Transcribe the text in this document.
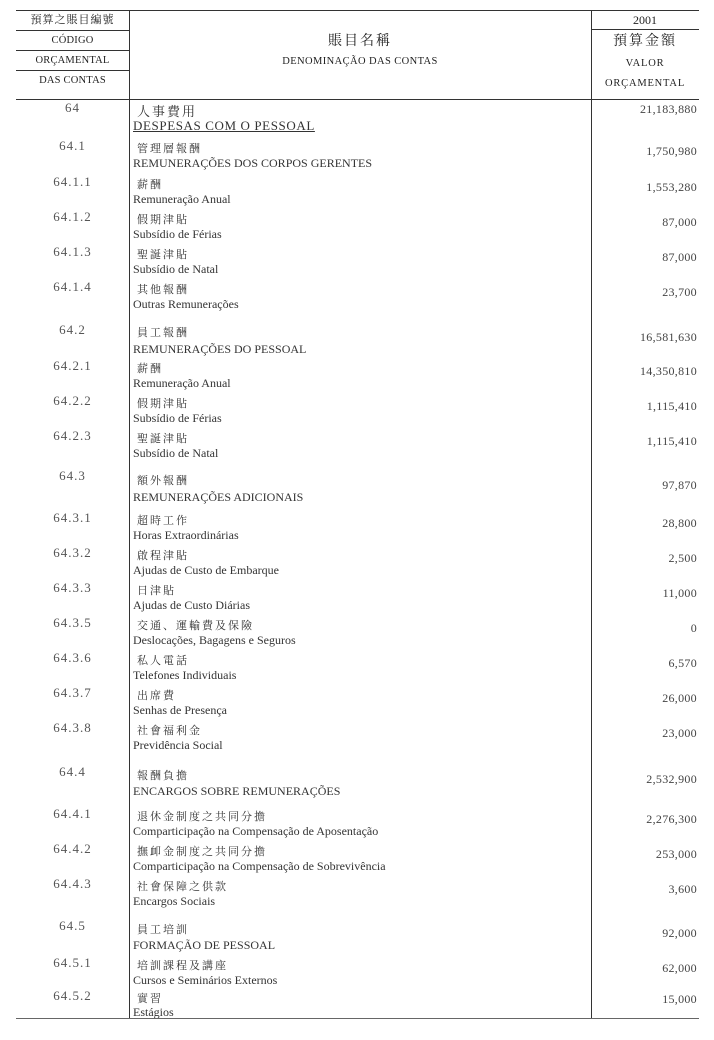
預算之賬目編號
CÓDIGO
ORÇAMENTAL
DAS CONTAS
賬目名稱
DENOMINAÇÃO DAS CONTAS
2001
預算金額
VALOR
ORÇAMENTAL
64	人事費用
DESPESAS COM O PESSOAL
21,183,880
64.1	管理層報酬
REMUNERAÇÕES DOS CORPOS GERENTES
1,750,980
64.1.1	薪酬
Remuneração Anual
1,553,280
64.1.2	假期津貼
Subsídio de Férias
87,000
64.1.3	聖誕津貼
Subsídio de Natal
87,000
64.1.4	其他報酬
Outras Remunerações
23,700
64.2	員工報酬
REMUNERAÇÕES DO PESSOAL
16,581,630
64.2.1	薪酬
Remuneração Anual
14,350,810
64.2.2	假期津貼
Subsídio de Férias
1,115,410
64.2.3	聖誕津貼
Subsídio de Natal
1,115,410
64.3	額外報酬
REMUNERAÇÕES ADICIONAIS
97,870
64.3.1	超時工作
Horas Extraordinárias
28,800
64.3.2	啟程津貼
Ajudas de Custo de Embarque
2,500
64.3.3	日津貼
Ajudas de Custo Diárias
11,000
64.3.5	交通、運輸費及保險
Deslocações, Bagagens e Seguros
0
64.3.6	私人電話
Telefones Individuais
6,570
64.3.7	出席費
Senhas de Presença
26,000
64.3.8	社會福利金
Previdência Social
23,000
64.4	報酬負擔
ENCARGOS SOBRE REMUNERAÇÕES
2,532,900
64.4.1	退休金制度之共同分擔
Comparticipação na Compensação de Aposentação
2,276,300
64.4.2	撫卹金制度之共同分擔
Comparticipação na Compensação de Sobrevivência
253,000
64.4.3	社會保障之供款
Encargos Sociais
3,600
64.5	員工培訓
FORMAÇÃO DE PESSOAL
92,000
64.5.1	培訓課程及講座
Cursos e Seminários Externos
62,000
64.5.2	實習
Estágios
15,000
